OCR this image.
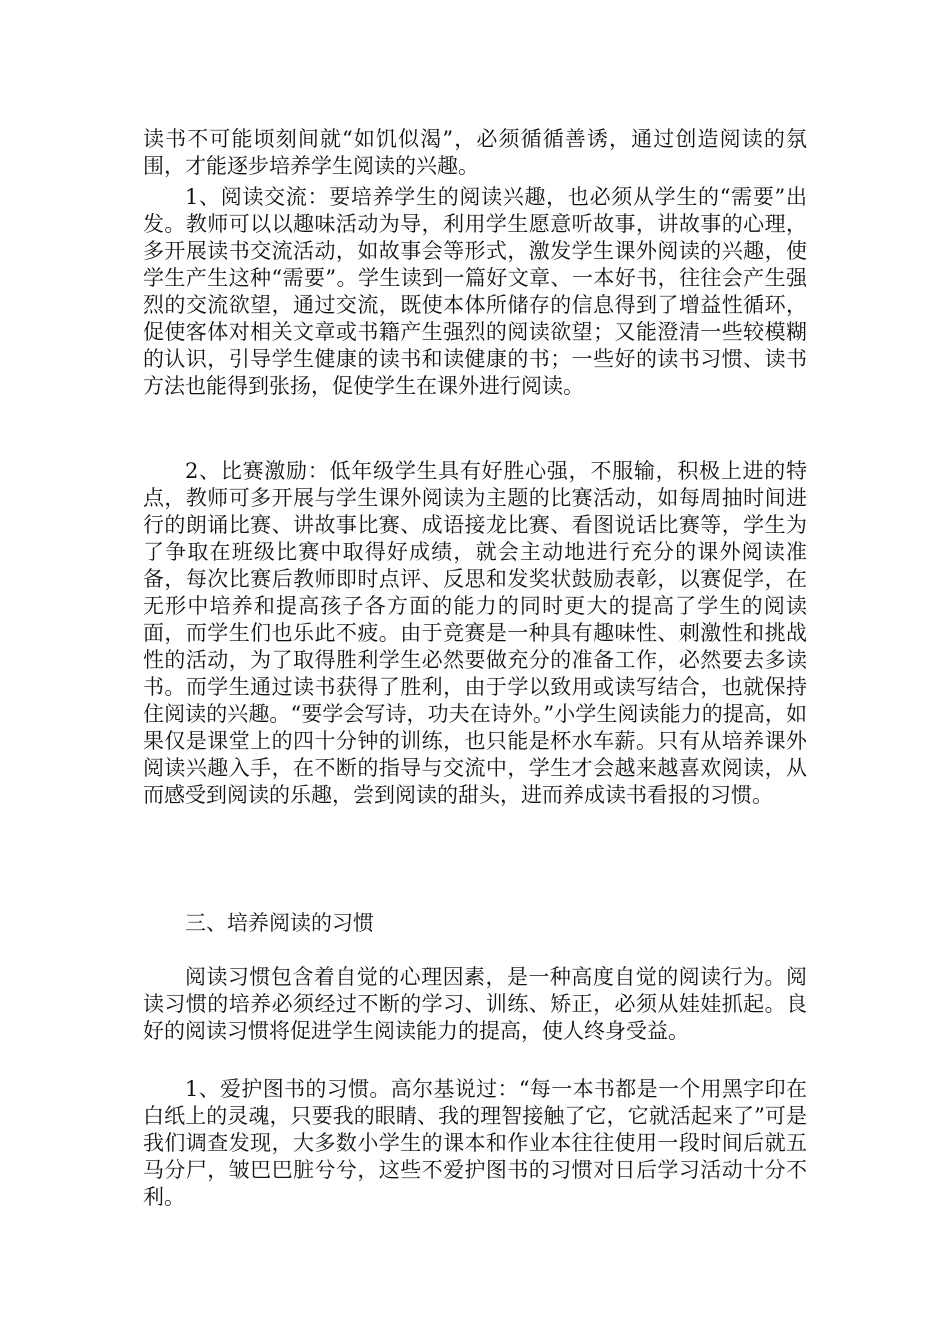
读书不可能顷刻间就“如饥似渴”，必须循循善诱，通过创造阅读的氛围，才能逐步培养学生阅读的兴趣。

1、阅读交流：要培养学生的阅读兴趣，也必须从学生的“需要”出发。教师可以以趣味活动为导，利用学生愿意听故事，讲故事的心理，多开展读书交流活动，如故事会等形式，激发学生课外阅读的兴趣，使学生产生这种“需要”。学生读到一篇好文章、一本好书，往往会产生强烈的交流欲望，通过交流，既使本体所储存的信息得到了增益性循环，促使客体对相关文章或书籍产生强烈的阅读欲望；又能澄清一些较模糊的认识，引导学生健康的读书和读健康的书；一些好的读书习惯、读书方法也能得到张扬，促使学生在课外进行阅读。

2、比赛激励：低年级学生具有好胜心强，不服输，积极上进的特点，教师可多开展与学生课外阅读为主题的比赛活动，如每周抽时间进行的朗诵比赛、讲故事比赛、成语接龙比赛、看图说话比赛等，学生为了争取在班级比赛中取得好成绩，就会主动地进行充分的课外阅读准备，每次比赛后教师即时点评、反思和发奖状鼓励表彰，以赛促学，在无形中培养和提高孩子各方面的能力的同时更大的提高了学生的阅读面，而学生们也乐此不疲。由于竞赛是一种具有趣味性、刺激性和挑战性的活动，为了取得胜利学生必然要做充分的准备工作，必然要去多读书。而学生通过读书获得了胜利，由于学以致用或读写结合，也就保持住阅读的兴趣。“要学会写诗，功夫在诗外。”小学生阅读能力的提高，如果仅是课堂上的四十分钟的训练，也只能是杯水车薪。只有从培养课外阅读兴趣入手，在不断的指导与交流中，学生才会越来越喜欢阅读，从而感受到阅读的乐趣，尝到阅读的甜头，进而养成读书看报的习惯。

三、培养阅读的习惯

阅读习惯包含着自觉的心理因素，是一种高度自觉的阅读行为。阅读习惯的培养必须经过不断的学习、训练、矫正，必须从娃娃抓起。良好的阅读习惯将促进学生阅读能力的提高，使人终身受益。

1、爱护图书的习惯。高尔基说过：“每一本书都是一个用黑字印在白纸上的灵魂，只要我的眼睛、我的理智接触了它，它就活起来了”可是我们调查发现，大多数小学生的课本和作业本往往使用一段时间后就五马分尸，皱巴巴脏兮兮，这些不爱护图书的习惯对日后学习活动十分不利。
